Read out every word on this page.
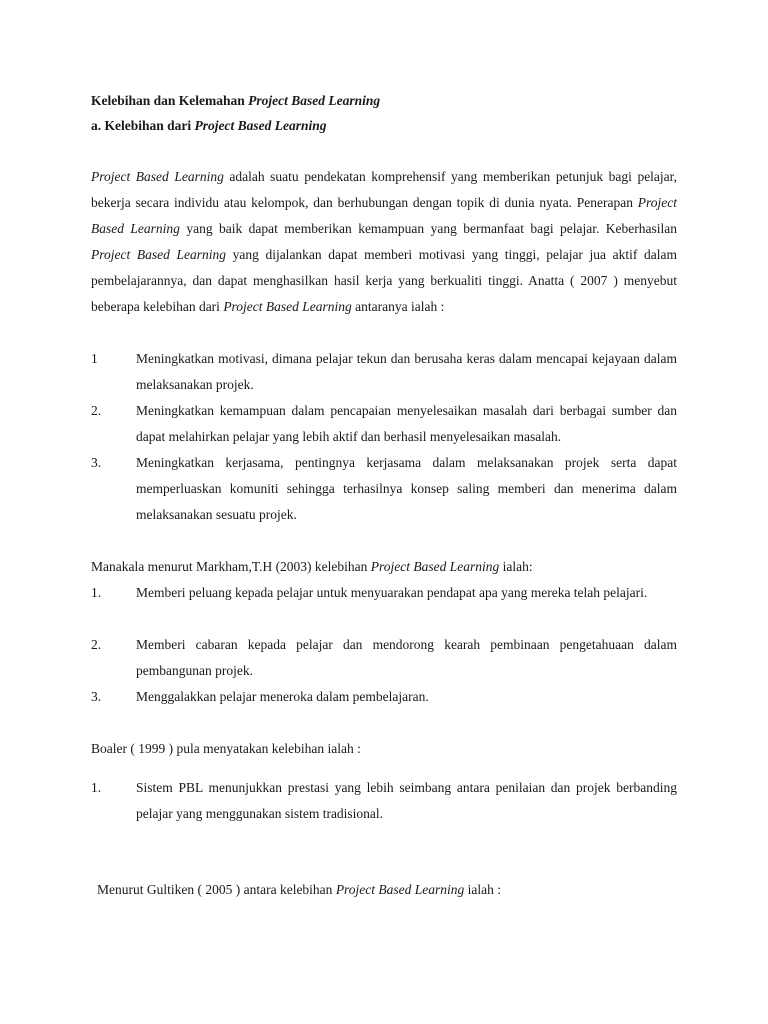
Kelebihan dan Kelemahan Project Based Learning
a. Kelebihan dari Project Based Learning
Project Based Learning adalah suatu pendekatan komprehensif yang memberikan petunjuk bagi pelajar, bekerja secara individu atau kelompok, dan berhubungan dengan topik di dunia nyata. Penerapan Project Based Learning yang baik dapat memberikan kemampuan yang bermanfaat bagi pelajar. Keberhasilan Project Based Learning yang dijalankan dapat memberi motivasi yang tinggi, pelajar jua aktif dalam pembelajarannya, dan dapat menghasilkan hasil kerja yang berkualiti tinggi. Anatta ( 2007 ) menyebut beberapa kelebihan dari Project Based Learning antaranya ialah :
1	Meningkatkan motivasi, dimana pelajar tekun dan berusaha keras dalam mencapai kejayaan dalam melaksanakan projek.
2.	Meningkatkan kemampuan dalam pencapaian menyelesaikan masalah dari berbagai sumber dan dapat melahirkan pelajar yang lebih aktif dan berhasil menyelesaikan masalah.
3.	Meningkatkan kerjasama, pentingnya kerjasama dalam melaksanakan projek serta dapat memperluaskan komuniti sehingga terhasilnya konsep saling memberi dan menerima dalam melaksanakan sesuatu projek.
Manakala menurut Markham,T.H (2003) kelebihan Project Based Learning ialah:
1.	Memberi peluang kepada pelajar untuk menyuarakan pendapat apa yang mereka telah pelajari.
2.	Memberi cabaran kepada pelajar dan mendorong kearah pembinaan pengetahuaan dalam pembangunan projek.
3.	Menggalakkan pelajar meneroka dalam pembelajaran.
Boaler ( 1999 ) pula menyatakan kelebihan ialah :
1.	Sistem PBL menunjukkan prestasi yang lebih seimbang antara penilaian dan projek berbanding pelajar yang menggunakan sistem tradisional.
Menurut Gultiken ( 2005 ) antara kelebihan Project Based Learning ialah :
